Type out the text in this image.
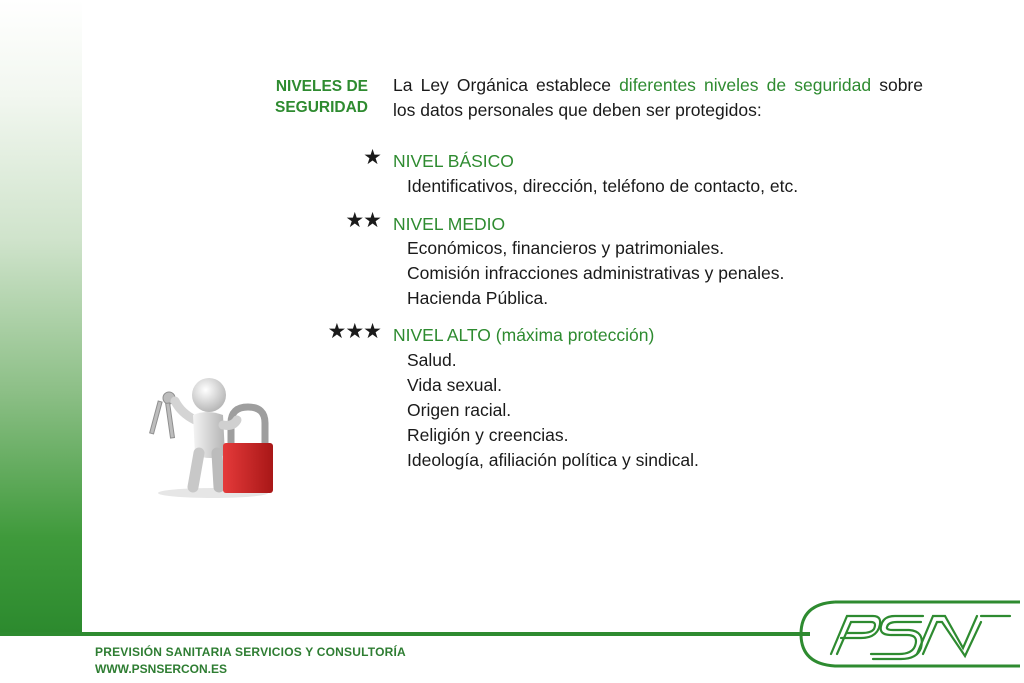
NIVELES DE SEGURIDAD
La Ley Orgánica establece diferentes niveles de seguridad sobre los datos personales que deben ser protegidos:
★ NIVEL BÁSICO
Identificativos, dirección, teléfono de contacto, etc.
★★ NIVEL MEDIO
Económicos, financieros y patrimoniales.
Comisión infracciones administrativas y penales.
Hacienda Pública.
★★★ NIVEL ALTO (máxima protección)
Salud.
Vida sexual.
Origen racial.
Religión y creencias.
Ideología, afiliación política y sindical.
PREVISIÓN SANITARIA SERVICIOS Y CONSULTORÍA
WWW.PSNSERCON.ES
